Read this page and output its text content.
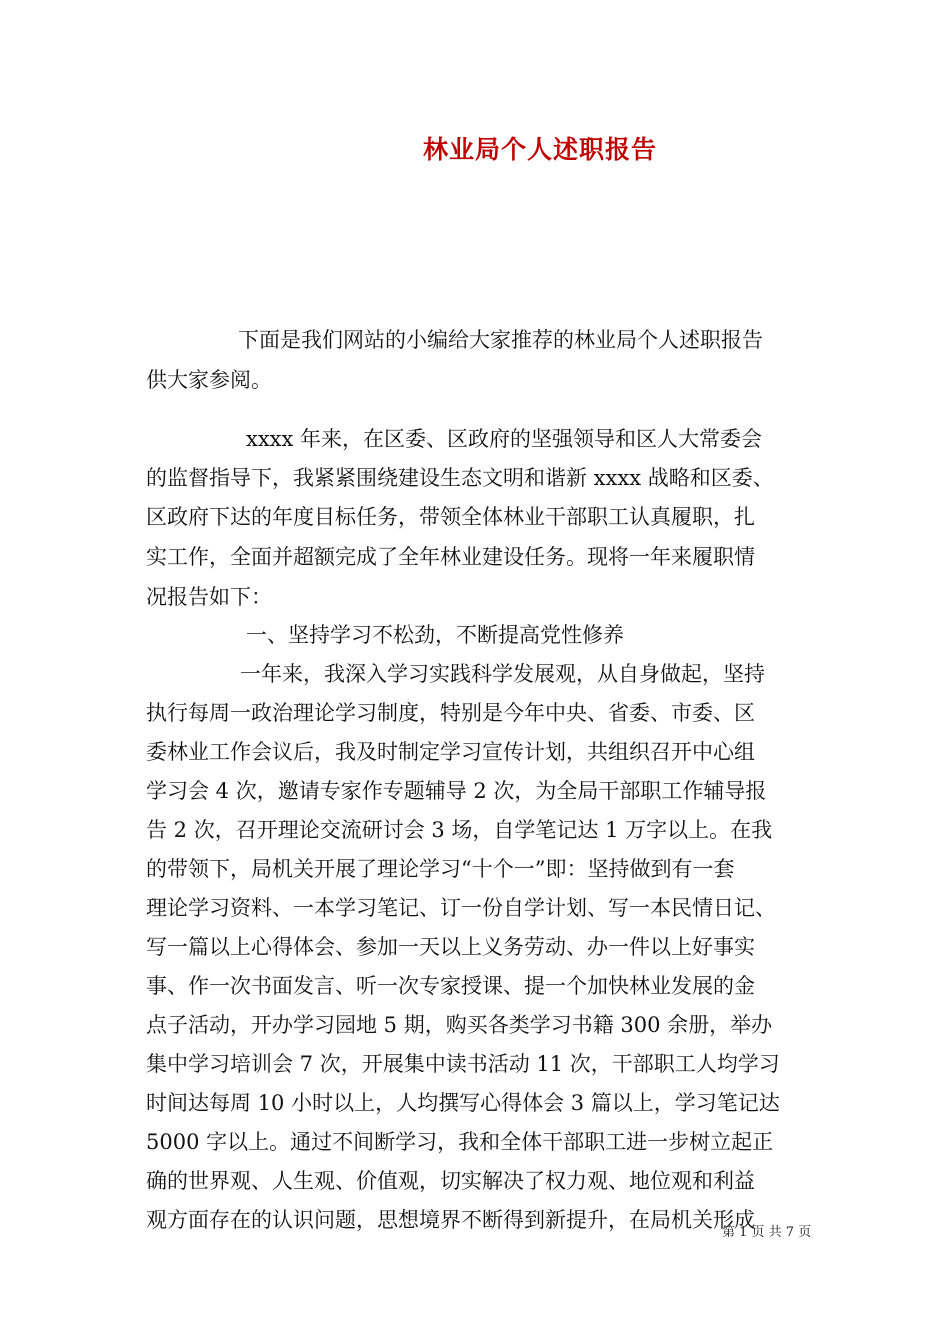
林业局个人述职报告

下面是我们网站的小编给大家推荐的林业局个人述职报告

供大家参阅。

xxxx 年来，在区委、区政府的坚强领导和区人大常委会

的监督指导下，我紧紧围绕建设生态文明和谐新 xxxx 战略和区委、

区政府下达的年度目标任务，带领全体林业干部职工认真履职，扎

实工作，全面并超额完成了全年林业建设任务。现将一年来履职情

况报告如下：

一、坚持学习不松劲，不断提高党性修养

一年来，我深入学习实践科学发展观，从自身做起，坚持

执行每周一政治理论学习制度，特别是今年中央、省委、市委、区

委林业工作会议后，我及时制定学习宣传计划，共组织召开中心组

学习会 4 次，邀请专家作专题辅导 2 次，为全局干部职工作辅导报

告 2 次，召开理论交流研讨会 3 场，自学笔记达 1 万字以上。在我

的带领下，局机关开展了理论学习“十个一”即：坚持做到有一套

理论学习资料、一本学习笔记、订一份自学计划、写一本民情日记、

写一篇以上心得体会、参加一天以上义务劳动、办一件以上好事实

事、作一次书面发言、听一次专家授课、提一个加快林业发展的金

点子活动，开办学习园地 5 期，购买各类学习书籍 300 余册，举办

集中学习培训会 7 次，开展集中读书活动 11 次，干部职工人均学习

时间达每周 10 小时以上，人均撰写心得体会 3 篇以上，学习笔记达

5000 字以上。通过不间断学习，我和全体干部职工进一步树立起正

确的世界观、人生观、价值观，切实解决了权力观、地位观和利益

观方面存在的认识问题，思想境界不断得到新提升，在局机关形成

第 1 页 共 7 页
